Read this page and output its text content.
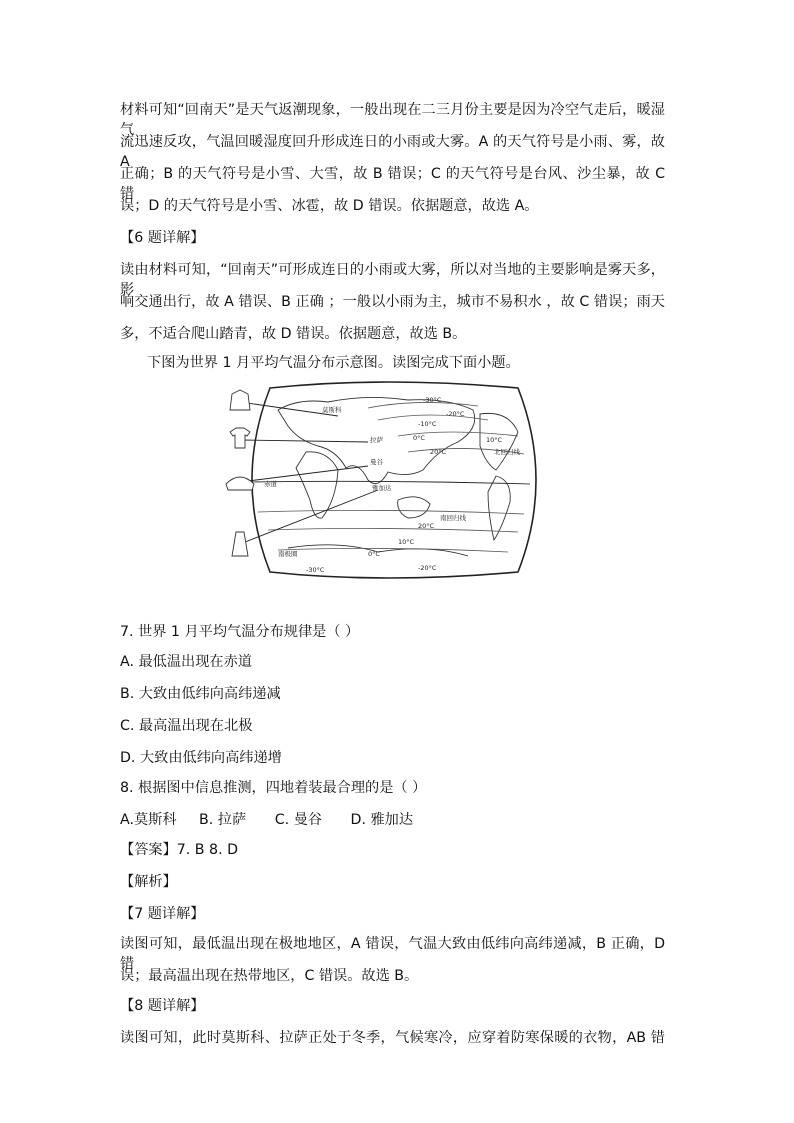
材料可知“回南天”是天气返潮现象，一般出现在二三月份主要是因为冷空气走后，暖湿气
流迅速反攻，气温回暖湿度回升形成连日的小雨或大雾。A 的天气符号是小雨、雾，故 A
正确；B 的天气符号是小雪、大雪，故 B 错误；C 的天气符号是台风、沙尘暴，故 C 错
误；D 的天气符号是小雪、冰雹，故 D 错误。依据题意，故选 A。
【6 题详解】
读由材料可知，“回南天”可形成连日的小雨或大雾，所以对当地的主要影响是雾天多，影
响交通出行，故 A 错误、B 正确 ；一般以小雨为主，城市不易积水 ，故 C 错误；雨天
多，不适合爬山踏青，故 D 错误。依据题意，故选 B。
下图为世界 1 月平均气温分布示意图。读图完成下面小题。
7. 世界 1 月平均气温分布规律是（ ）
A. 最低温出现在赤道
B. 大致由低纬向高纬递减
C. 最高温出现在北极
D. 大致由低纬向高纬递增
8. 根据图中信息推测，四地着装最合理的是（ ）
A.莫斯科 B. 拉萨 C. 曼谷 D. 雅加达
【答案】7. B 8. D
【解析】
【7 题详解】
读图可知，最低温出现在极地地区，A 错误，气温大致由低纬向高纬递减，B 正确，D 错
误；最高温出现在热带地区，C 错误。故选 B。
【8 题详解】
读图可知，此时莫斯科、拉萨正处于冬季，气候寒冷，应穿着防寒保暖的衣物，AB 错
莫斯科
拉萨
曼谷
雅加达
赤道
-30°C
-20°C
-10°C
0°C	10°C
20°C	北回归线
南回归线
20°C
10°C
0°C
南极圈
-30°C	-20°C
